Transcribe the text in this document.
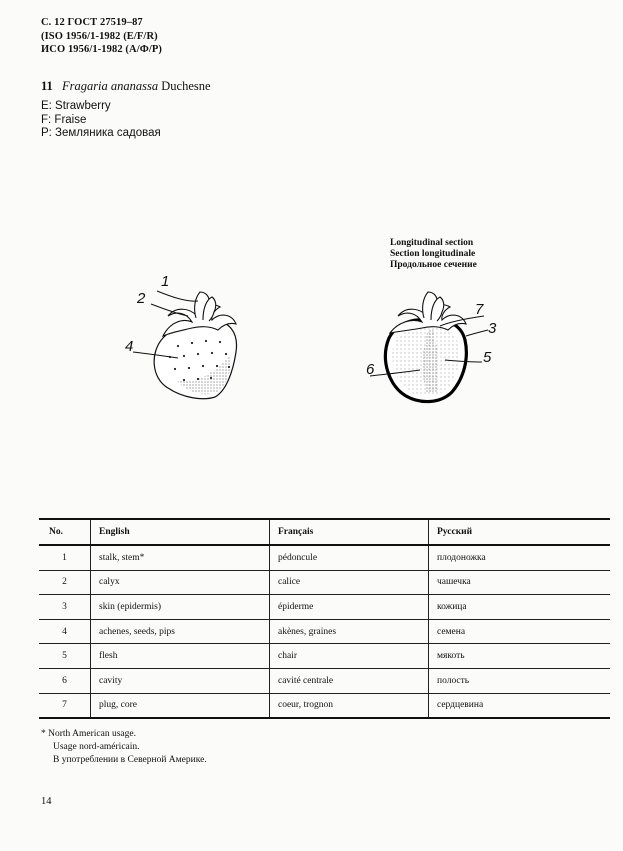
С. 12 ГОСТ 27519–87
(ISO 1956/1-1982 (E/F/R)
ИСО 1956/1-1982 (A/Ф/P)
11 Fragaria ananassa Duchesne
E: Strawberry
F: Fraise
P: Земляника садовая
Longitudinal section
Section longitudinale
Продольное сечение
1
2
4
7
3
5
6
No.	English	Français	Русский
1	stalk, stem*	pédoncule	плодоножка
2	calyx	calice	чашечка
3	skin (epidermis)	épiderme	кожица
4	achenes, seeds, pips	akènes, graines	семена
5	flesh	chair	мякоть
6	cavity	cavité centrale	полость
7	plug, core	coeur, trognon	сердцевина
* North American usage.
Usage nord-américain.
В употреблении в Северной Америке.
14
